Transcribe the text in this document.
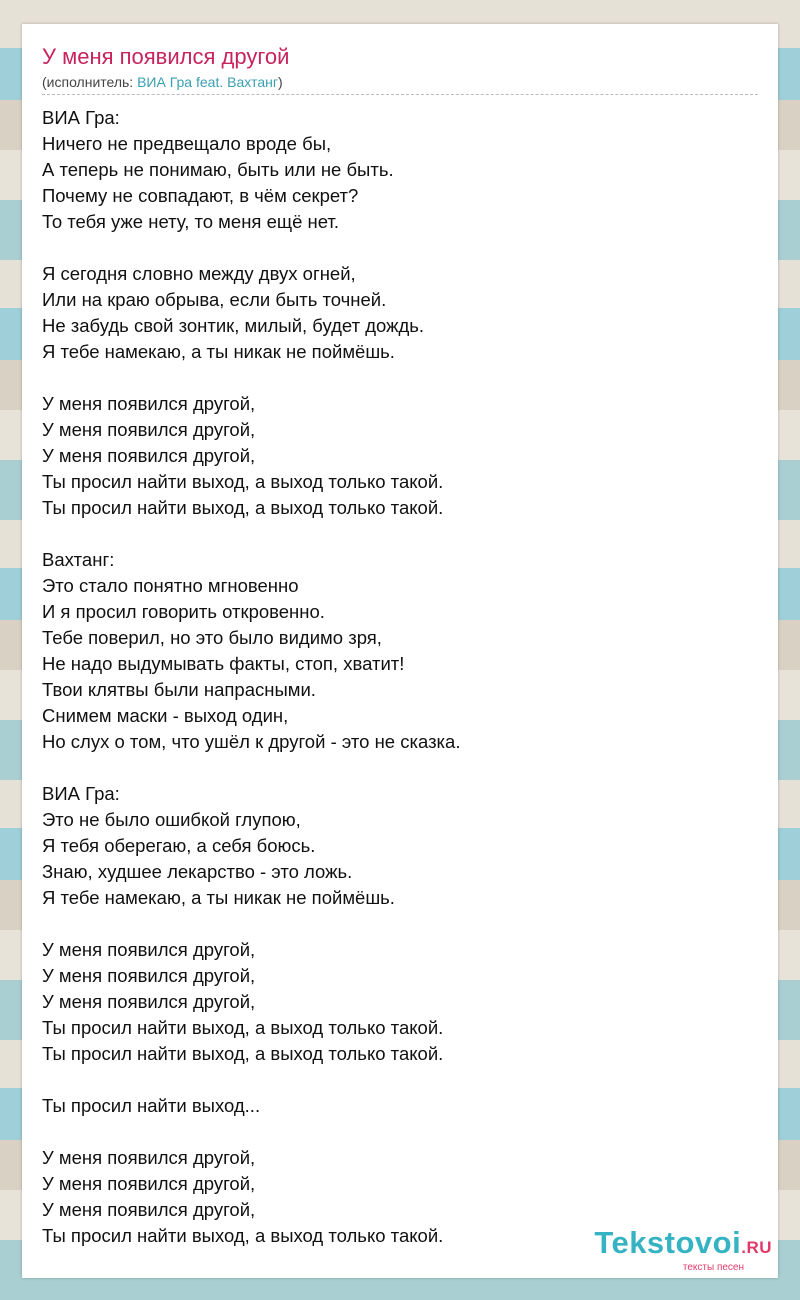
У меня появился другой
(исполнитель: ВИА Гра feat. Вахтанг)
ВИА Гра:
Ничего не предвещало вроде бы,
А теперь не понимаю, быть или не быть.
Почему не совпадают, в чём секрет?
То тебя уже нету, то меня ещё нет.
Я сегодня словно между двух огней,
Или на краю обрыва, если быть точней.
Не забудь свой зонтик, милый, будет дождь.
Я тебе намекаю, а ты никак не поймёшь.
У меня появился другой,
У меня появился другой,
У меня появился другой,
Ты просил найти выход, а выход только такой.
Ты просил найти выход, а выход только такой.
Вахтанг:
Это стало понятно мгновенно
И я просил говорить откровенно.
Тебе поверил, но это было видимо зря,
Не надо выдумывать факты, стоп, хватит!
Твои клятвы были напрасными.
Снимем маски - выход один,
Но слух о том, что ушёл к другой - это не сказка.
ВИА Гра:
Это не было ошибкой глупою,
Я тебя оберегаю, а себя боюсь.
Знаю, худшее лекарство - это ложь.
Я тебе намекаю, а ты никак не поймёшь.
У меня появился другой,
У меня появился другой,
У меня появился другой,
Ты просил найти выход, а выход только такой.
Ты просил найти выход, а выход только такой.
Ты просил найти выход...
У меня появился другой,
У меня появился другой,
У меня появился другой,
Ты просил найти выход, а выход только такой.	Tekstovoi.RU
тексты песен
